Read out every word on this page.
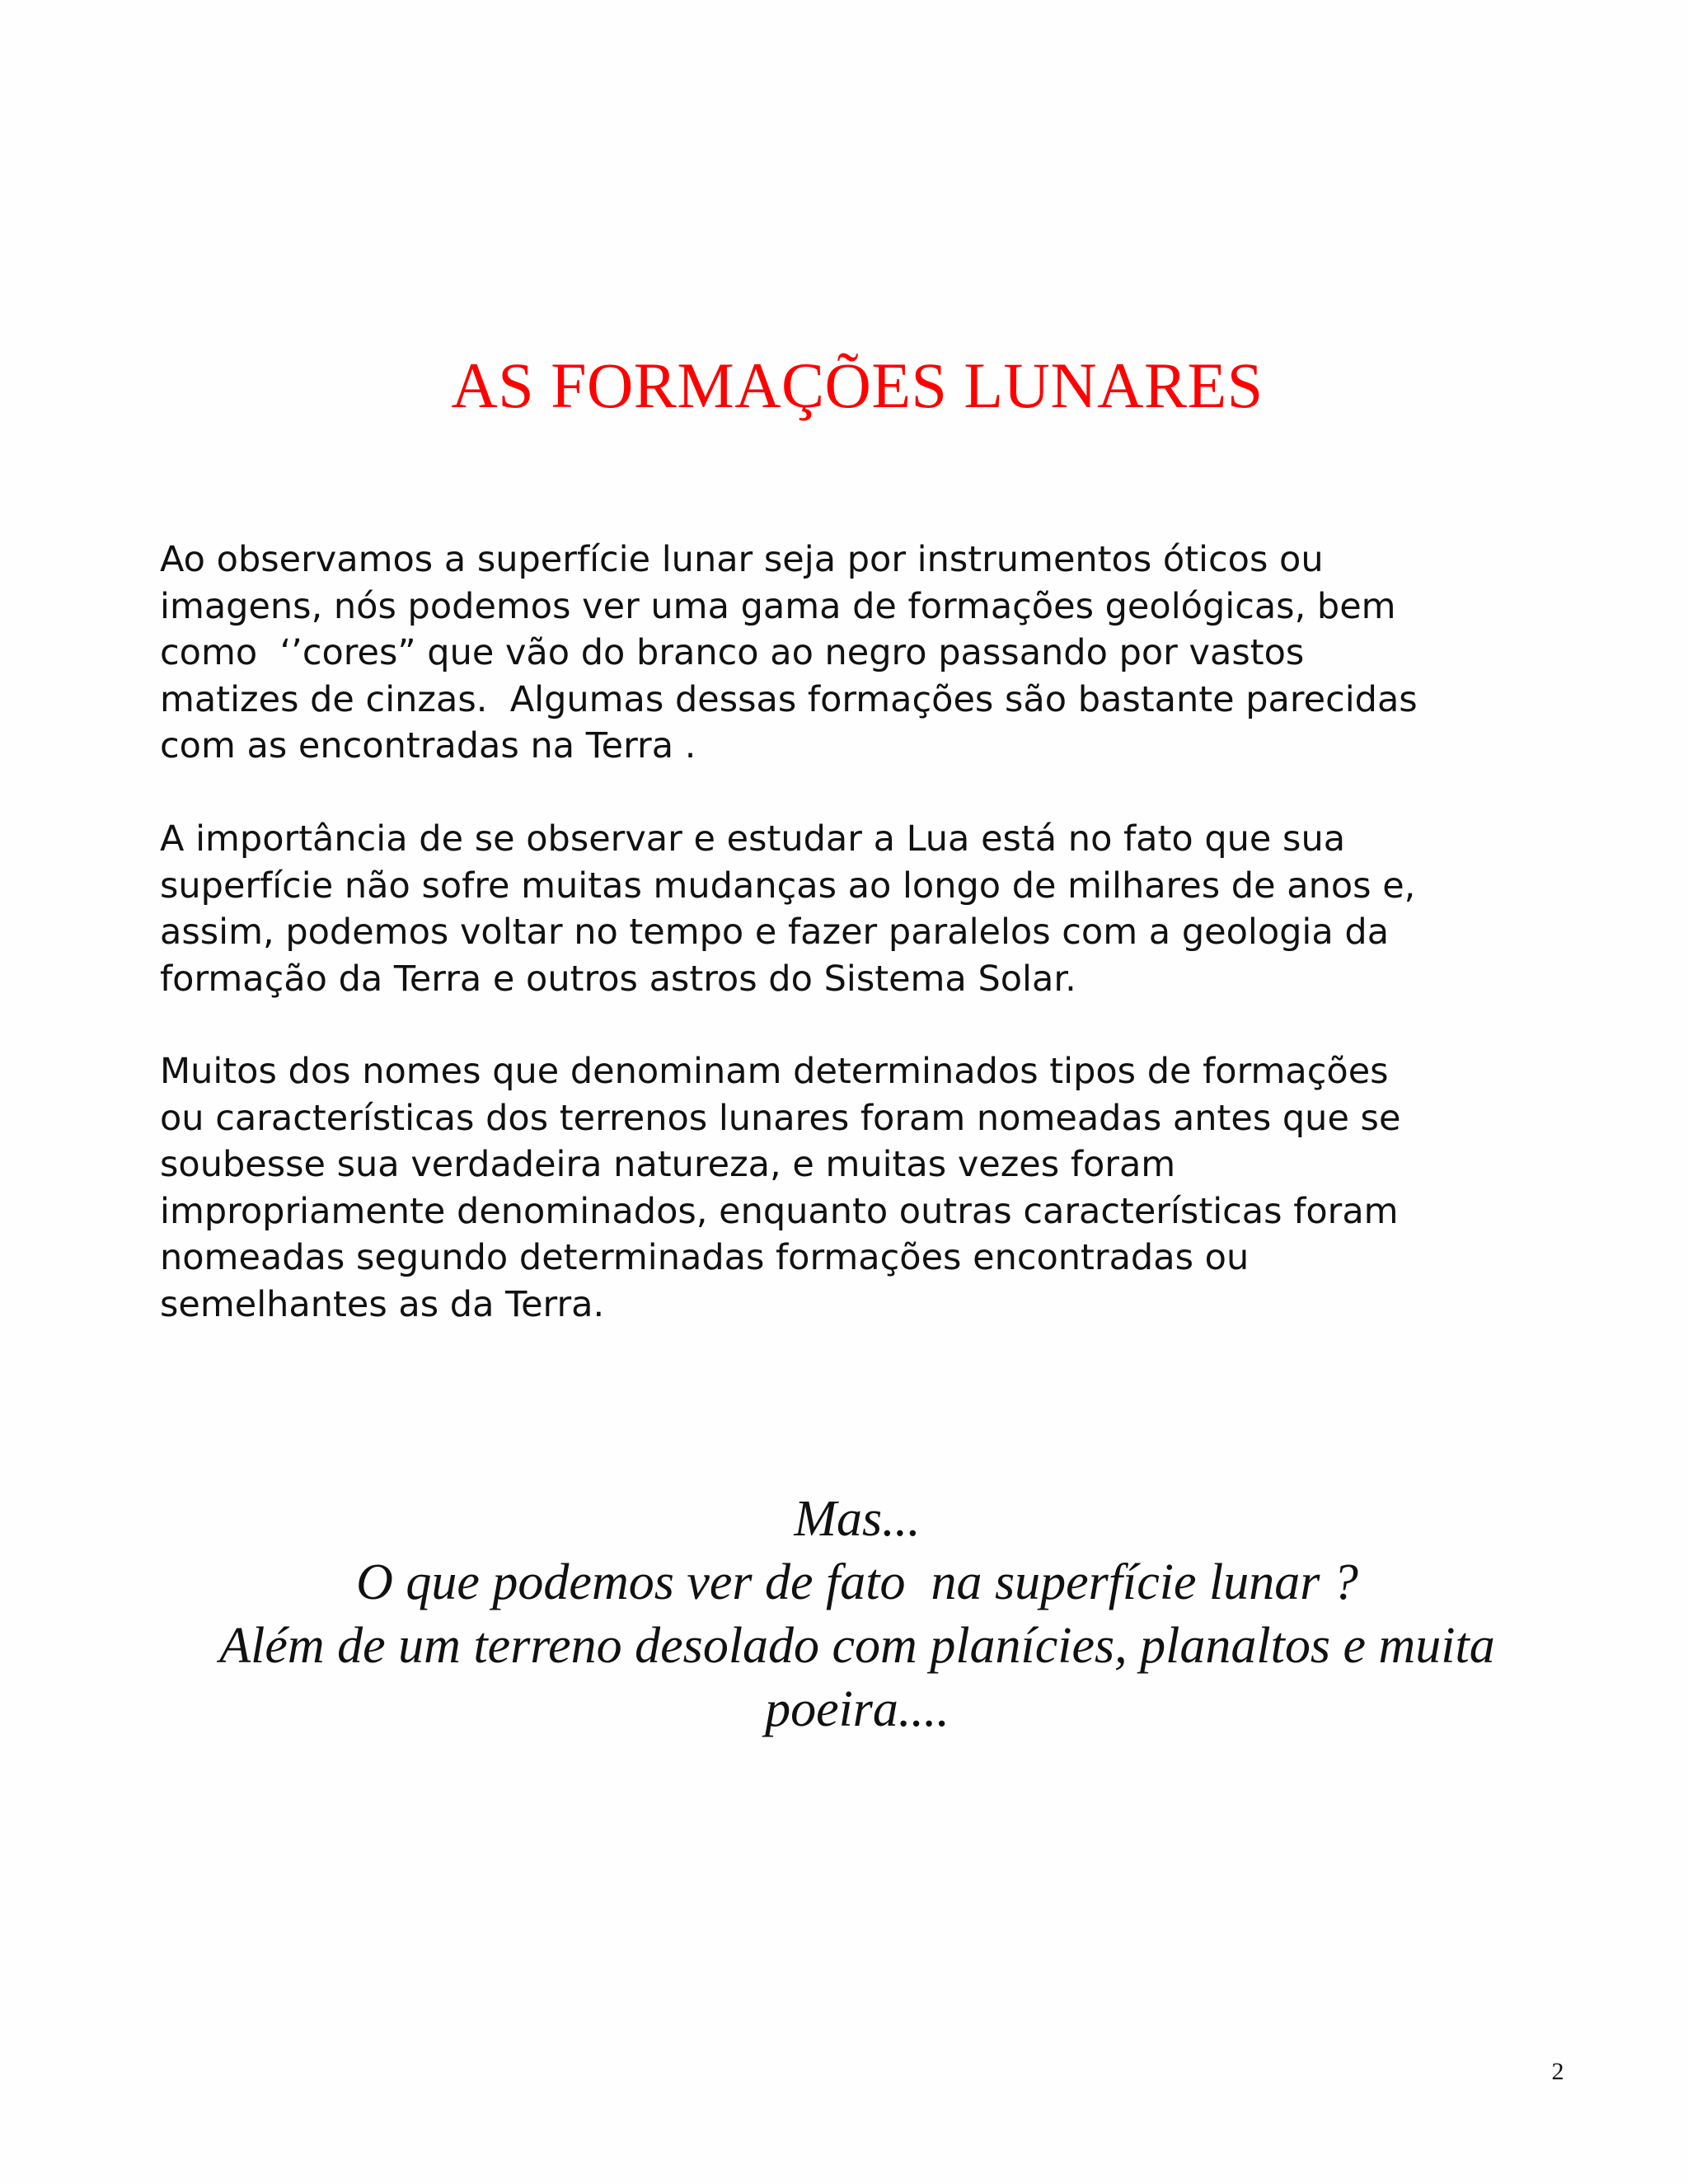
AS FORMAÇÕES LUNARES
Ao observamos a superfície lunar seja por instrumentos óticos ou
imagens, nós podemos ver uma gama de formações geológicas, bem
como  ‘’cores” que vão do branco ao negro passando por vastos
matizes de cinzas.  Algumas dessas formações são bastante parecidas
com as encontradas na Terra .
A importância de se observar e estudar a Lua está no fato que sua
superfície não sofre muitas mudanças ao longo de milhares de anos e,
assim, podemos voltar no tempo e fazer paralelos com a geologia da
formação da Terra e outros astros do Sistema Solar.
Muitos dos nomes que denominam determinados tipos de formações
ou características dos terrenos lunares foram nomeadas antes que se
soubesse sua verdadeira natureza, e muitas vezes foram
impropriamente denominados, enquanto outras características foram
nomeadas segundo determinadas formações encontradas ou
semelhantes as da Terra.
Mas...
O que podemos ver de fato  na superfície lunar ?
Além de um terreno desolado com planícies, planaltos e muita
poeira....
2
